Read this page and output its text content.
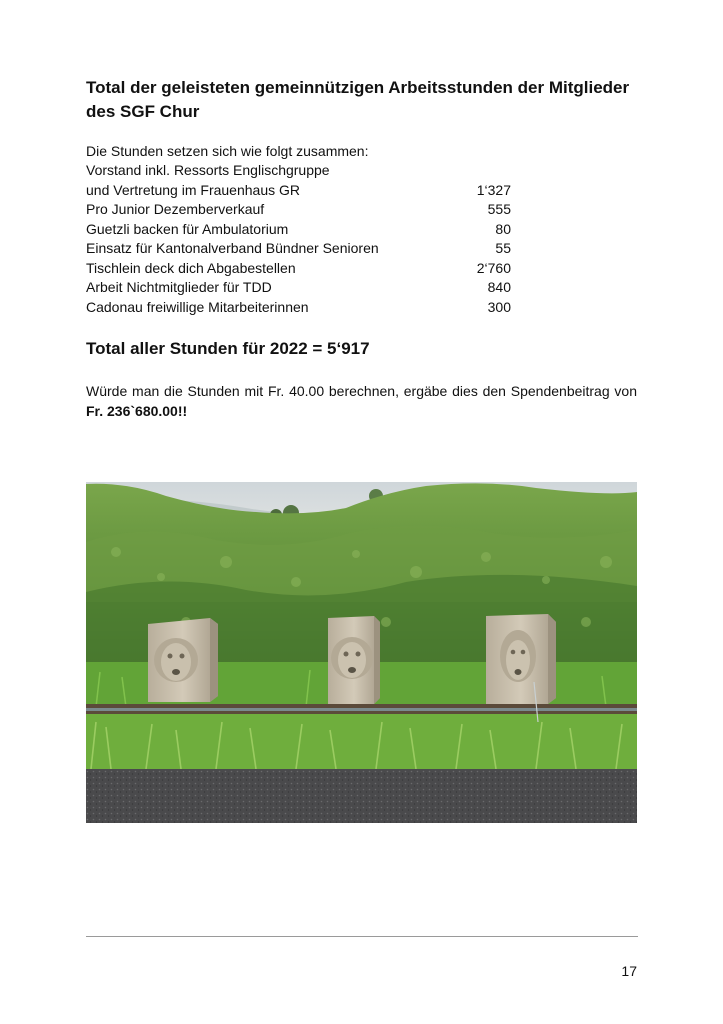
Total der geleisteten gemeinnützigen Arbeitsstunden der Mitglieder des SGF Chur
Die Stunden setzen sich wie folgt zusammen:
Vorstand inkl. Ressorts Englischgruppe
und Vertretung im Frauenhaus GR	1‘327
Pro Junior Dezemberverkauf	555
Guetzli backen für Ambulatorium	80
Einsatz für Kantonalverband Bündner Senioren	55
Tischlein deck dich Abgabestellen	2‘760
Arbeit Nichtmitglieder für TDD	840
Cadonau freiwillige Mitarbeiterinnen	300
Total aller Stunden für 2022 = 5‘917

Würde man die Stunden mit Fr. 40.00 berechnen, ergäbe dies den Spendenbeitrag von Fr. 236`680.00!!

17
